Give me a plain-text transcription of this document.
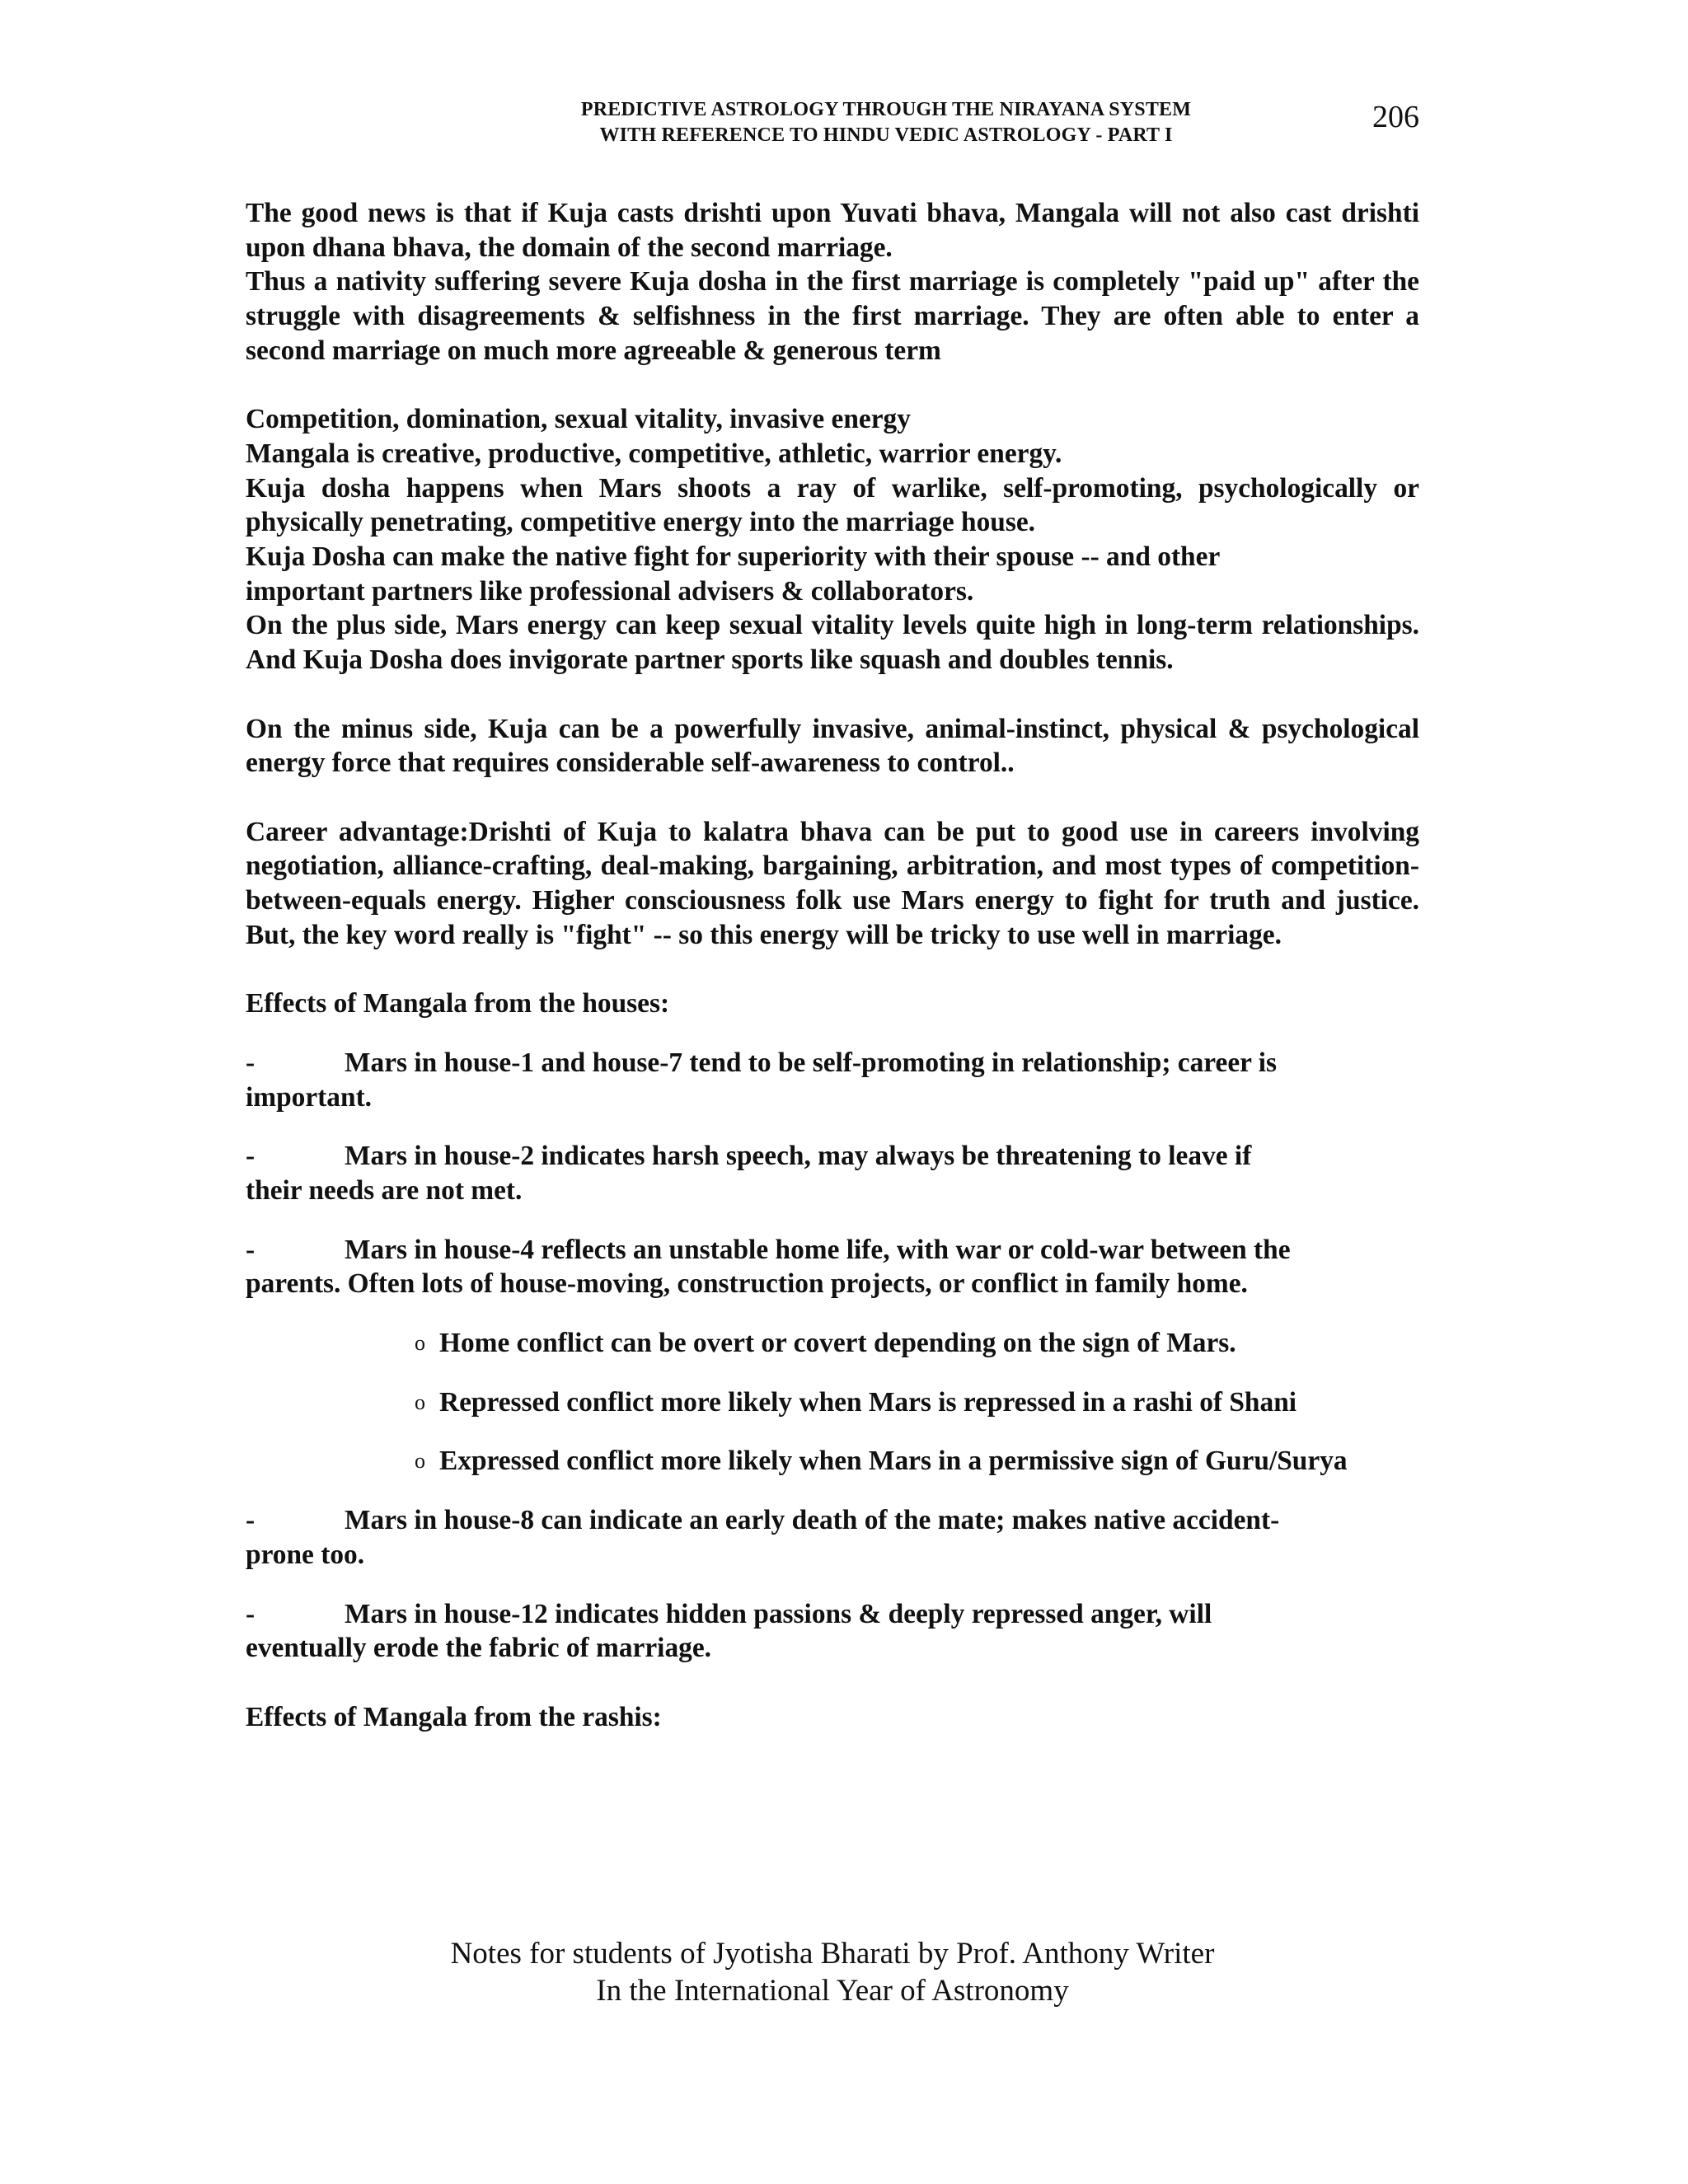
PREDICTIVE ASTROLOGY THROUGH THE NIRAYANA SYSTEM

WITH REFERENCE TO HINDU VEDIC ASTROLOGY - PART I

206

The good news is that if Kuja casts drishti upon Yuvati bhava, Mangala will not also cast drishti upon dhana bhava, the domain of the second marriage.

Thus a nativity suffering severe Kuja dosha in the first marriage is completely "paid up" after the struggle with disagreements & selfishness in the first marriage. They are often able to enter a second marriage on much more agreeable & generous term

Competition, domination, sexual vitality, invasive energy

Mangala is creative, productive, competitive, athletic, warrior energy.

Kuja dosha happens when Mars shoots a ray of warlike, self-promoting, psychologically or physically penetrating, competitive energy into the marriage house.

Kuja Dosha can make the native fight for superiority with their spouse -- and other

important partners like professional advisers & collaborators.

On the plus side, Mars energy can keep sexual vitality levels quite high in long-term relationships. And Kuja Dosha does invigorate partner sports like squash and doubles tennis.

On the minus side, Kuja can be a powerfully invasive, animal-instinct, physical & psychological energy force that requires considerable self-awareness to control..

Career advantage:Drishti of Kuja to kalatra bhava can be put to good use in careers involving negotiation, alliance-crafting, deal-making, bargaining, arbitration, and most types of competition-between-equals energy. Higher consciousness folk use Mars energy to fight for truth and justice. But, the key word really is "fight" -- so this energy will be tricky to use well in marriage.

Effects of Mangala from the houses:

-	Mars in house-1 and house-7 tend to be self-promoting in relationship; career is

important.

-	Mars in house-2 indicates harsh speech, may always be threatening to leave if

their needs are not met.

-	Mars in house-4 reflects an unstable home life, with war or cold-war between the

parents. Often lots of house-moving, construction projects, or conflict in family home.

o Home conflict can be overt or covert depending on the sign of Mars.
o Repressed conflict more likely when Mars is repressed in a rashi of Shani
o Expressed conflict more likely when Mars in a permissive sign of Guru/Surya
-	Mars in house-8 can indicate an early death of the mate; makes native accident-

prone too.

-	Mars in house-12 indicates hidden passions & deeply repressed anger, will

eventually erode the fabric of marriage.

Effects of Mangala from the rashis:

Notes for students of Jyotisha Bharati by Prof. Anthony Writer

In the International Year of Astronomy
